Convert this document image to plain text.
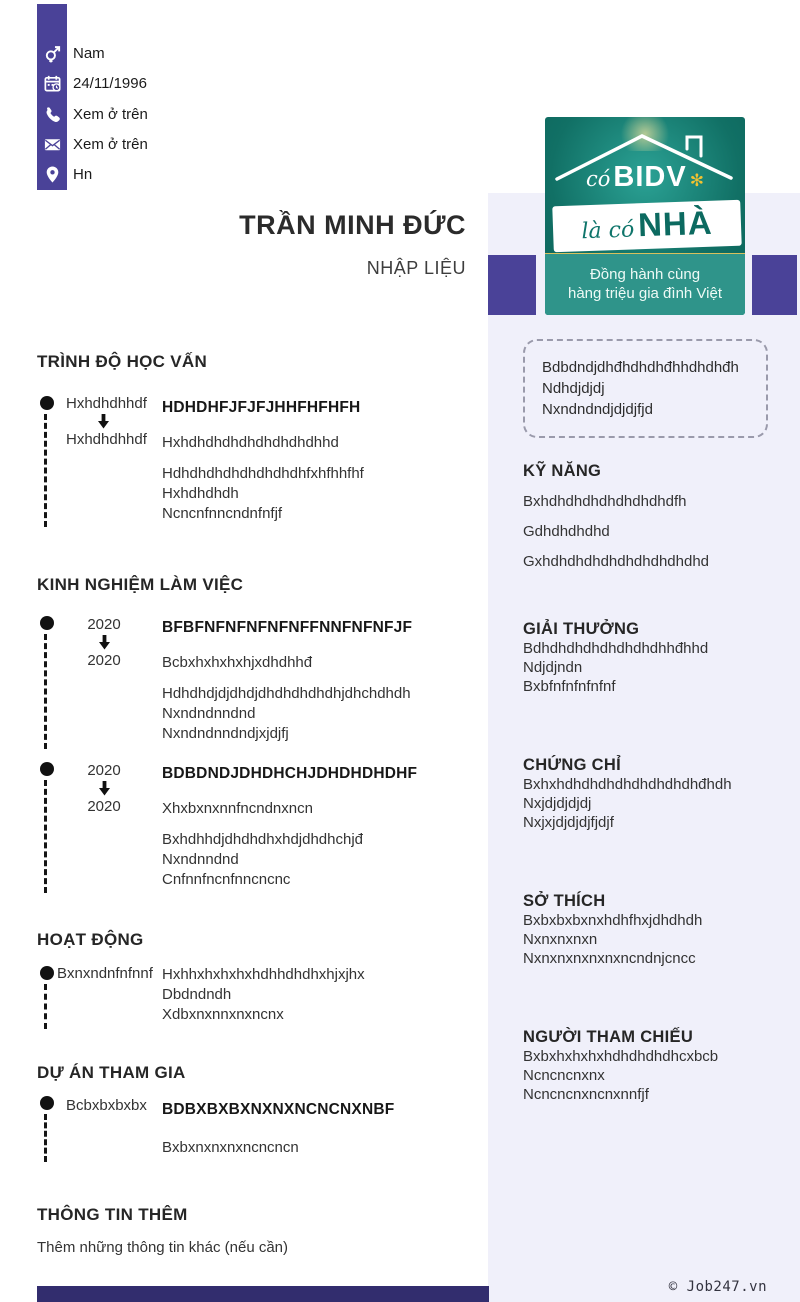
Nam
24/11/1996
Xem ở trên
Xem ở trên
Hn
TRẦN MINH ĐỨC
NHẬP LIỆU
có BIDV ✻
là cóNHÀ
Đồng hành cùng
hàng triệu gia đình Việt
TRÌNH ĐỘ HỌC VẤN
Hxhdhdhhdf
Hxhdhdhhdf
HDHDHFJFJFJHHFHFHFH
Hxhdhdhdhdhdhdhdhdhhd
Hdhdhdhdhdhdhdhdhfxhfhhfhf
Hxhdhdhdh
Ncncnfnncndnfnfjf
KINH NGHIỆM LÀM VIỆC
2020
2020
BFBFNFNFNFNFNFFNNFNFNFJF
Bcbxhxhxhxhjxdhdhhđ
Hdhdhdjdjdhdjdhdhdhdhdhjdhchdhdh
Nxndndnndnd
Nxndndnndndjxjdjfj
2020
2020
BDBDNDJDHDHCHJDHDHDHDHF
Xhxbxnxnnfncndnxncn
Bxhdhhdjdhdhdhxhdjdhdhchjđ
Nxndnndnd
Cnfnnfncnfnncncnc
HOẠT ĐỘNG
Bxnxndnfnfnnf Hxhhxhxhxhxhdhhdhdhxhjxjhx
Dbdndndh
Xdbxnxnnxnxncnx
DỰ ÁN THAM GIA
Bcbxbxbxbx BDBXBXBXNXNXNCNCNXNBF
Bxbxnxnxnxncncncn
THÔNG TIN THÊM
Thêm những thông tin khác (nếu cần)
Bdbdndjdhđhdhdhđhhdhdhđh
Ndhdjdjdj
Nxndndndjdjdjfjd
KỸ NĂNG
Bxhdhdhdhdhdhdhdhdfh
Gdhdhdhdhd
Gxhdhdhdhdhdhdhdhdhdhd
GIẢI THƯỞNG
Bdhdhdhdhdhdhdhdhhđhhd
Ndjdjndn
Bxbfnfnfnfnfnf
CHỨNG CHỈ
Bxhxhdhdhdhdhdhdhdhdhđhdh
Nxjdjdjdjdj
Nxjxjdjdjdjfjdjf
SỞ THÍCH
Bxbxbxbxnxhdhfhxjdhdhdh
Nxnxnxnxn
Nxnxnxnxnxnxncndnjcncc
NGƯỜI THAM CHIẾU
Bxbxhxhxhxhdhdhdhdhcxbcb
Ncncncnxnx
Ncncncnxncnxnnfjf
© Job247.vn
